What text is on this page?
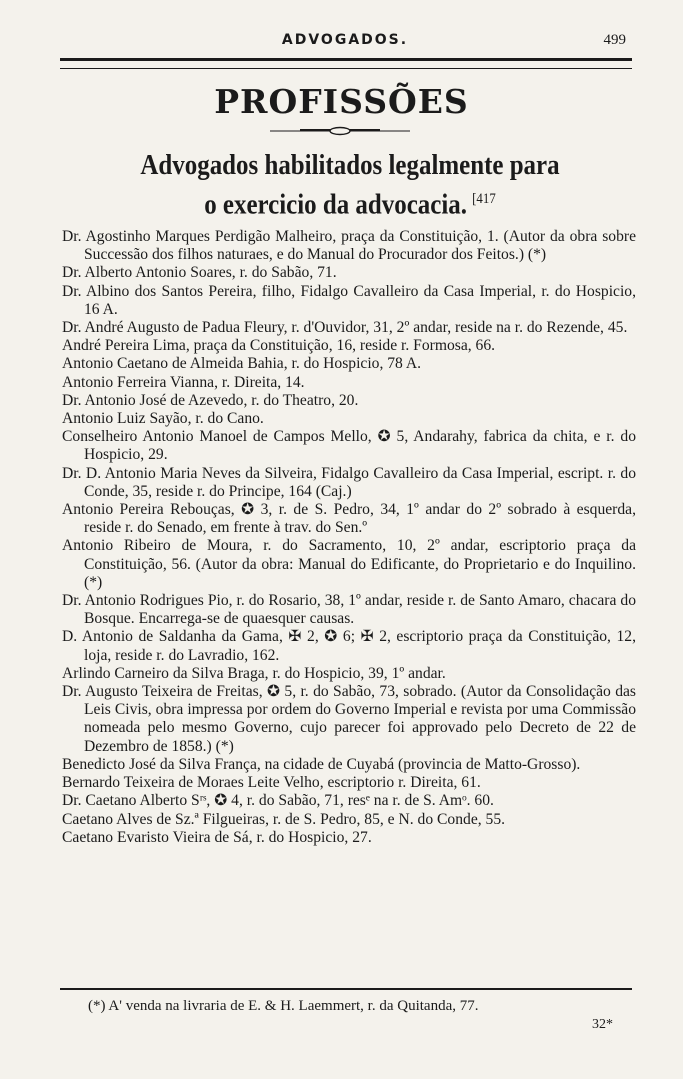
ADVOGADOS.	499
PROFISSÕES
Advogados habilitados legalmente para
o exercicio da advocacia. $^{[417}$

Dr. Agostinho Marques Perdigão Malheiro, praça da Constituição, 1. (Autor da obra sobre Successão dos filhos naturaes, e do Manual do Procurador dos Feitos.) (*)

Dr. Alberto Antonio Soares, r. do Sabão, 71.

Dr. Albino dos Santos Pereira, filho, Fidalgo Cavalleiro da Casa Imperial, r. do Hospicio, 16 A.

Dr. André Augusto de Padua Fleury, r. d'Ouvidor, 31, 2º andar, reside na r. do Rezende, 45.

André Pereira Lima, praça da Constituição, 16, reside r. Formosa, 66.

Antonio Caetano de Almeida Bahia, r. do Hospicio, 78 A.

Antonio Ferreira Vianna, r. Direita, 14.

Dr. Antonio José de Azevedo, r. do Theatro, 20.

Antonio Luiz Sayão, r. do Cano.

Conselheiro Antonio Manoel de Campos Mello, ✪ 5, Andarahy, fabrica da chita, e r. do Hospicio, 29.

Dr. D. Antonio Maria Neves da Silveira, Fidalgo Cavalleiro da Casa Imperial, escript. r. do Conde, 35, reside r. do Principe, 164 (Caj.)

Antonio Pereira Rebouças, ✪ 3, r. de S. Pedro, 34, 1º andar do 2º sobrado à esquerda, reside r. do Senado, em frente à trav. do Sen.º

Antonio Ribeiro de Moura, r. do Sacramento, 10, 2º andar, escriptorio praça da Constituição, 56. (Autor da obra: Manual do Edificante, do Proprietario e do Inquilino. (*)

Dr. Antonio Rodrigues Pio, r. do Rosario, 38, 1º andar, reside r. de Santo Amaro, chacara do Bosque. Encarrega-se de quaesquer causas.

D. Antonio de Saldanha da Gama, ✠ 2, ✪ 6; ✠ 2, escriptorio praça da Constituição, 12, loja, reside r. do Lavradio, 162.

Arlindo Carneiro da Silva Braga, r. do Hospicio, 39, 1º andar.

Dr. Augusto Teixeira de Freitas, ✪ 5, r. do Sabão, 73, sobrado. (Autor da Consolidação das Leis Civis, obra impressa por ordem do Governo Imperial e revista por uma Commissão nomeada pelo mesmo Governo, cujo parecer foi approvado pelo Decreto de 22 de Dezembro de 1858.) (*)

Benedicto José da Silva França, na cidade de Cuyabá (provincia de Matto-Grosso).

Bernardo Teixeira de Moraes Leite Velho, escriptorio r. Direita, 61.

Dr. Caetano Alberto Sʳˢ, ✪ 4, r. do Sabão, 71, resᵉ na r. de S. Amᵒ. 60.

Caetano Alves de Sz.ª Filgueiras, r. de S. Pedro, 85, e N. do Conde, 55.

Caetano Evaristo Vieira de Sá, r. do Hospicio, 27.

(*) A' venda na livraria de E. & H. Laemmert, r. da Quitanda, 77.
32*
